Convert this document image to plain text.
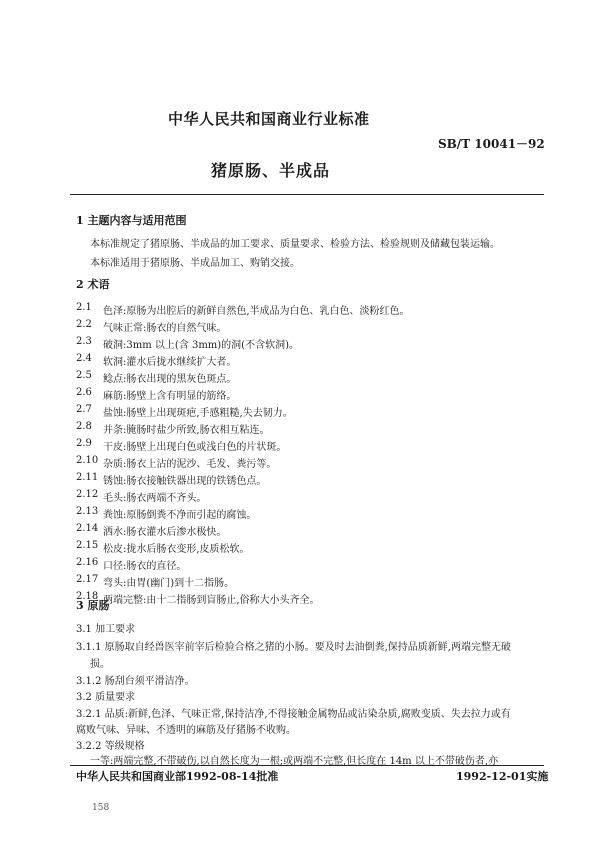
中华人民共和国商业行业标准
SB/T 10041－92
猪原肠、半成品
1 主题内容与适用范围
本标准规定了猪原肠、半成品的加工要求、质量要求、检验方法、检验规则及储藏包装运输。
本标准适用于猪原肠、半成品加工、购销交接。
2 术语
2.1 色泽:原肠为出腔后的新鲜自然色,半成品为白色、乳白色、淡粉红色。
2.2 气味正常:肠衣的自然气味。
2.3 破洞:3mm 以上(含 3mm)的洞(不含软洞)。
2.4 软洞:灌水后拢水继续扩大者。
2.5 鲶点:肠衣出现的黑灰色斑点。
2.6 麻筋:肠壁上含有明显的筋络。
2.7 盐蚀:肠壁上出现斑疤,手感粗糙,失去韧力。
2.8 并条:腌肠时盐少所致,肠衣相互粘连。
2.9 干皮:肠壁上出现白色或浅白色的片状斑。
2.10 杂质:肠衣上沾的泥沙、毛发、粪污等。
2.11 锈蚀:肠衣接触铁器出现的铁锈色点。
2.12 毛头:肠衣两端不齐头。
2.13 粪蚀:原肠倒粪不净而引起的腐蚀。
2.14 洒水:肠衣灌水后渗水极快。
2.15 松皮:拢水后肠衣变形,皮质松软。
2.16 口径:肠衣的直径。
2.17 弯头:由胃(幽门)到十二指肠。
2.18 两端完整:由十二指肠到盲肠止,俗称大小头齐全。
3 原肠
3.1 加工要求
3.1.1 原肠取自经兽医宰前宰后检验合格之猪的小肠。要及时去油倒粪,保持品质新鲜,两端完整无破
损。
3.1.2 肠刮台须平滑洁净。
3.2 质量要求
3.2.1 品质:新鲜,色泽、气味正常,保持洁净,不得接触金属物品或沾染杂质,腐败变质、失去拉力或有
腐败气味、异味、不透明的麻筋及仔猪肠不收购。
3.2.2 等级规格
一等:两端完整,不带破伤,以自然长度为一根;或两端不完整,但长度在 14m 以上不带破伤者,亦
中华人民共和国商业部1992-08-14批准	1992-12-01实施
158
